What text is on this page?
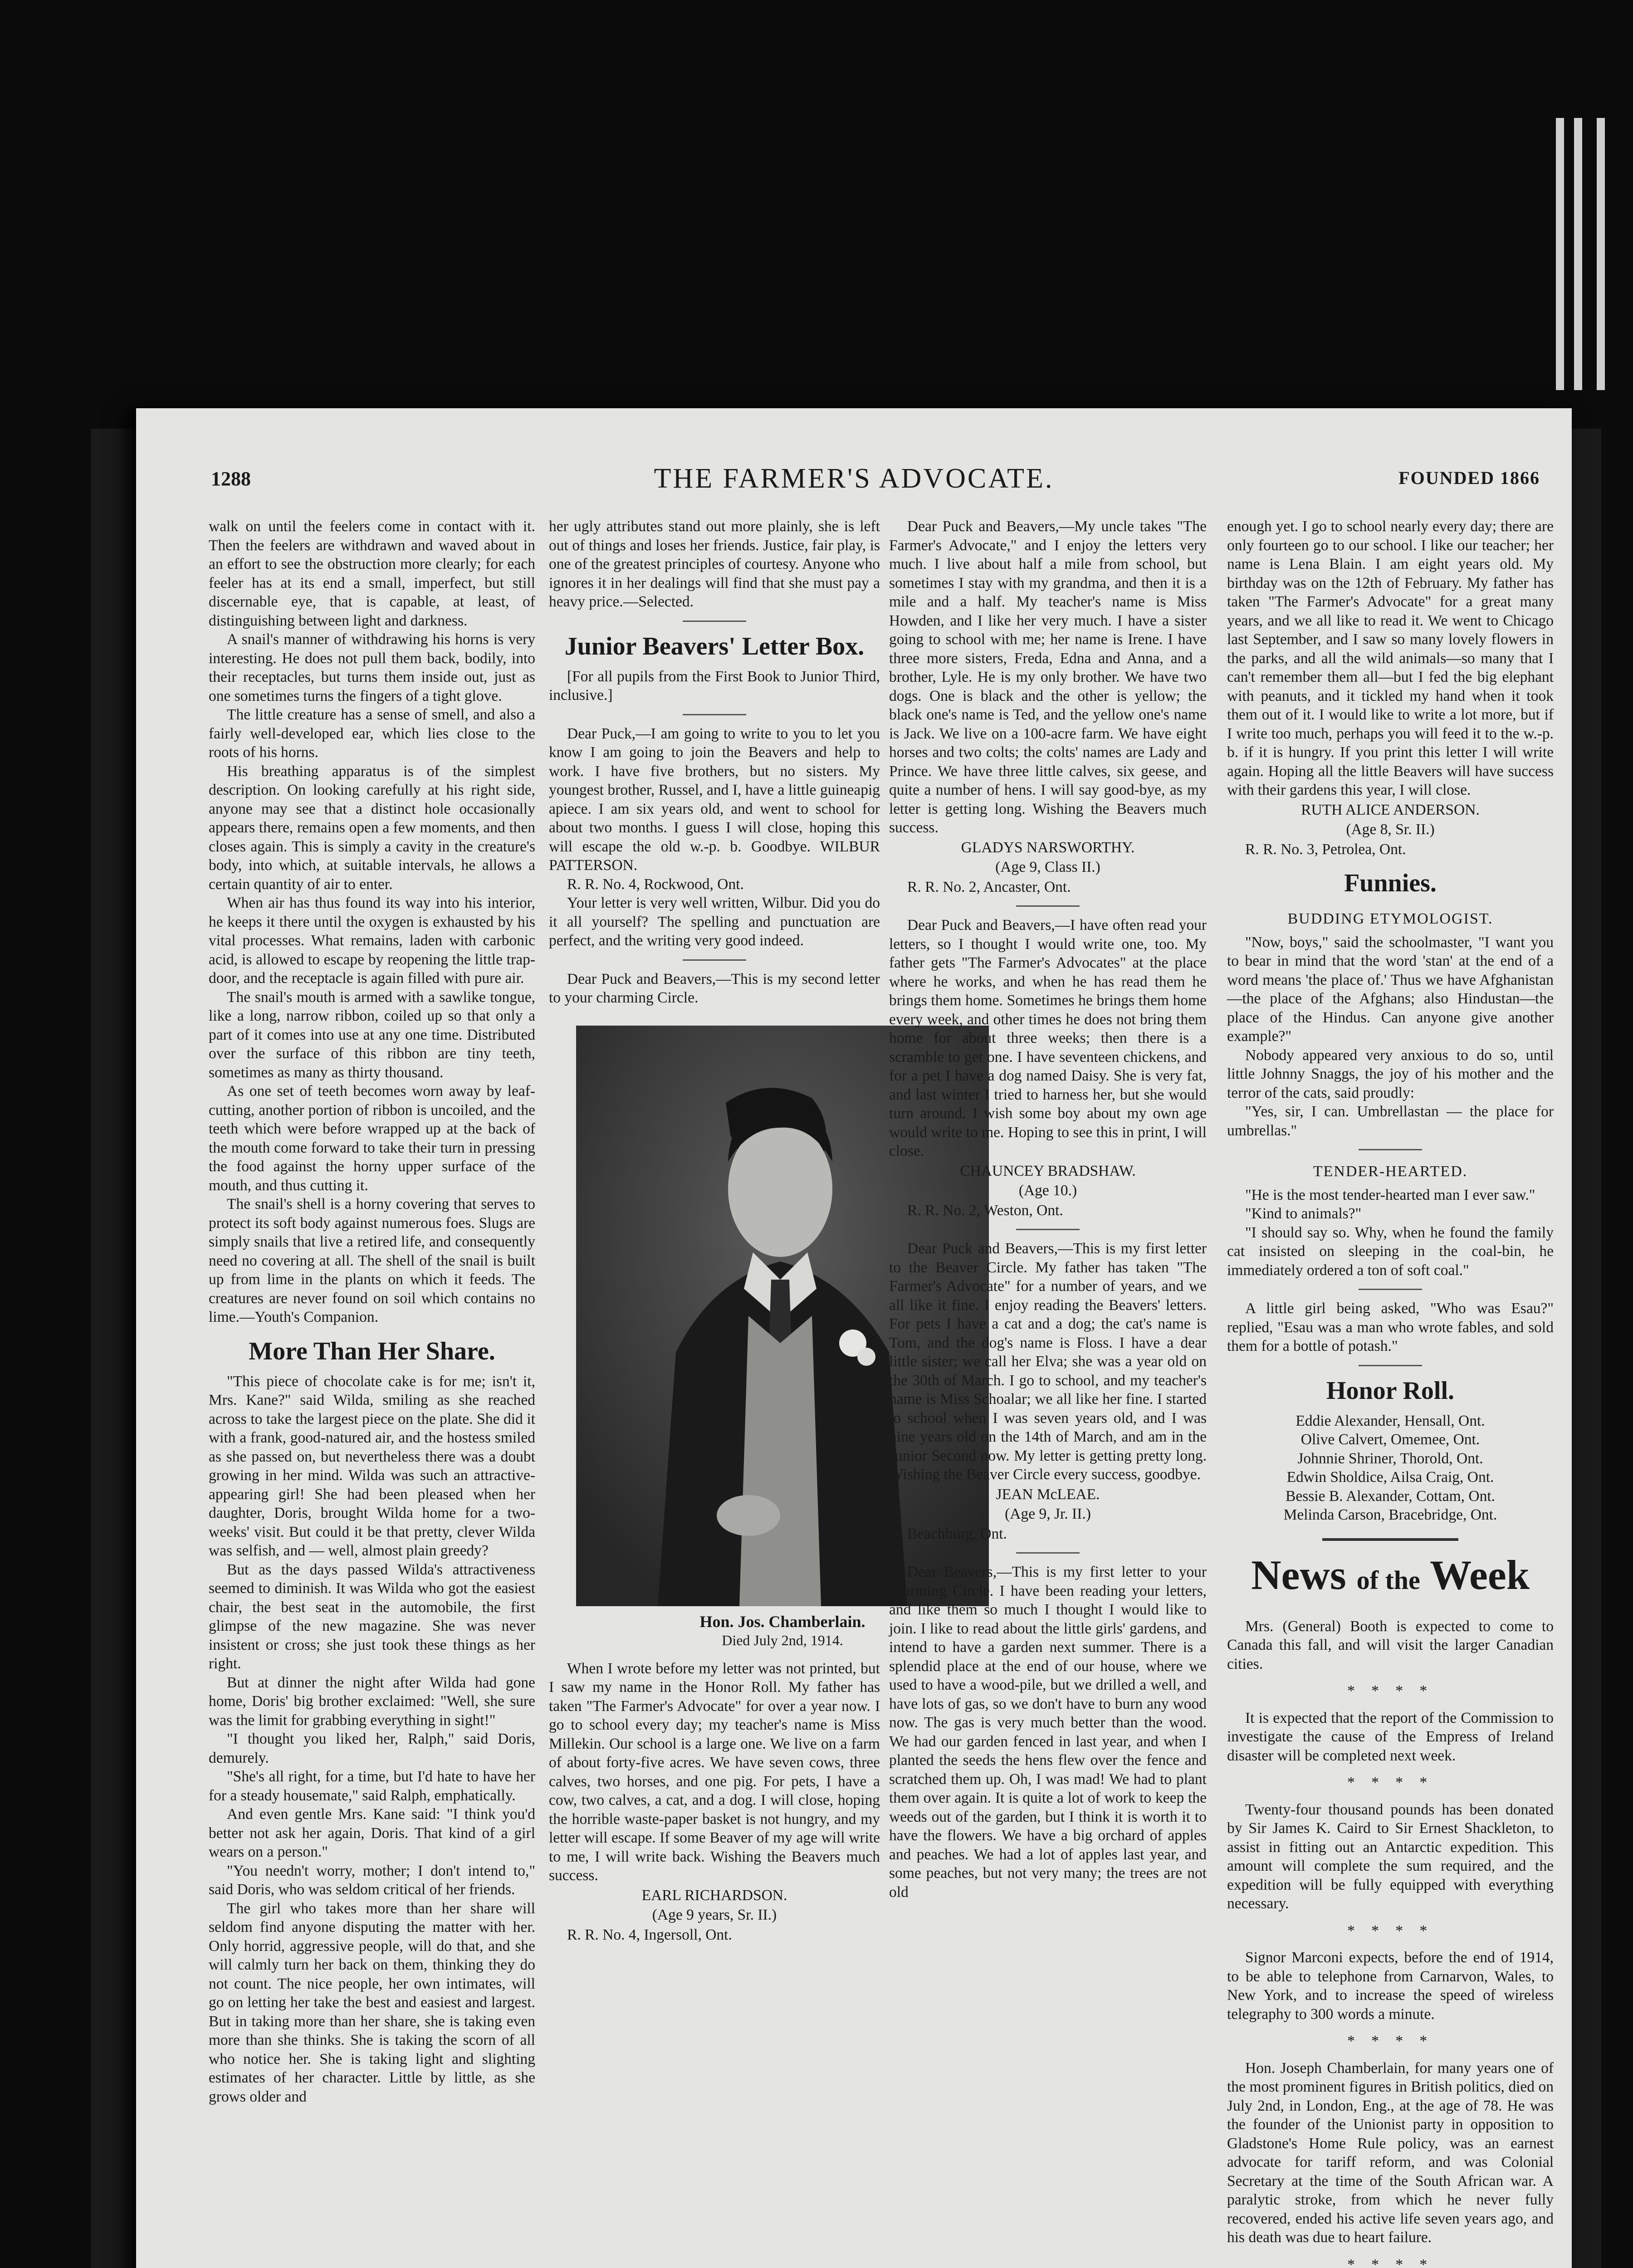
1288	THE FARMER'S ADVOCATE.	FOUNDED 1866

walk on until the feelers come in contact with it. Then the feelers are withdrawn and waved about in an effort to see the obstruction more clearly; for each feeler has at its end a small, imperfect, but still discernable eye, that is capable, at least, of distinguishing between light and darkness.

A snail's manner of withdrawing his horns is very interesting. He does not pull them back, bodily, into their receptacles, but turns them inside out, just as one sometimes turns the fingers of a tight glove.

The little creature has a sense of smell, and also a fairly well-developed ear, which lies close to the roots of his horns.

His breathing apparatus is of the simplest description. On looking carefully at his right side, anyone may see that a distinct hole occasionally appears there, remains open a few moments, and then closes again. This is simply a cavity in the creature's body, into which, at suitable intervals, he allows a certain quantity of air to enter.

When air has thus found its way into his interior, he keeps it there until the oxygen is exhausted by his vital processes. What remains, laden with carbonic acid, is allowed to escape by reopening the little trap-door, and the receptacle is again filled with pure air.

The snail's mouth is armed with a sawlike tongue, like a long, narrow ribbon, coiled up so that only a part of it comes into use at any one time. Distributed over the surface of this ribbon are tiny teeth, sometimes as many as thirty thousand.

As one set of teeth becomes worn away by leaf-cutting, another portion of ribbon is uncoiled, and the teeth which were before wrapped up at the back of the mouth come forward to take their turn in pressing the food against the horny upper surface of the mouth, and thus cutting it.

The snail's shell is a horny covering that serves to protect its soft body against numerous foes. Slugs are simply snails that live a retired life, and consequently need no covering at all. The shell of the snail is built up from lime in the plants on which it feeds. The creatures are never found on soil which contains no lime.—Youth's Companion.

More Than Her Share.

"This piece of chocolate cake is for me; isn't it, Mrs. Kane?" said Wilda, smiling as she reached across to take the largest piece on the plate. She did it with a frank, good-natured air, and the hostess smiled as she passed on, but nevertheless there was a doubt growing in her mind. Wilda was such an attractive-appearing girl! She had been pleased when her daughter, Doris, brought Wilda home for a two-weeks' visit. But could it be that pretty, clever Wilda was selfish, and — well, almost plain greedy?

But as the days passed Wilda's attractiveness seemed to diminish. It was Wilda who got the easiest chair, the best seat in the automobile, the first glimpse of the new magazine. She was never insistent or cross; she just took these things as her right.

But at dinner the night after Wilda had gone home, Doris' big brother exclaimed: "Well, she sure was the limit for grabbing everything in sight!"

"I thought you liked her, Ralph," said Doris, demurely.

"She's all right, for a time, but I'd hate to have her for a steady housemate," said Ralph, emphatically.

And even gentle Mrs. Kane said: "I think you'd better not ask her again, Doris. That kind of a girl wears on a person."

"You needn't worry, mother; I don't intend to," said Doris, who was seldom critical of her friends.

The girl who takes more than her share will seldom find anyone disputing the matter with her. Only horrid, aggressive people, will do that, and she will calmly turn her back on them, thinking they do not count. The nice people, her own intimates, will go on letting her take the best and easiest and largest. But in taking more than her share, she is taking even more than she thinks. She is taking the scorn of all who notice her. She is taking light and slighting estimates of her character. Little by little, as she grows older and

her ugly attributes stand out more plainly, she is left out of things and loses her friends. Justice, fair play, is one of the greatest principles of courtesy. Anyone who ignores it in her dealings will find that she must pay a heavy price.—Selected.

Junior Beavers' Letter Box.

[For all pupils from the First Book to Junior Third, inclusive.]

Dear Puck,—I am going to write to you to let you know I am going to join the Beavers and help to work. I have five brothers, but no sisters. My youngest brother, Russel, and I, have a little guineapig apiece. I am six years old, and went to school for about two months. I guess I will close, hoping this will escape the old w.-p. b. Goodbye. WILBUR PATTERSON.

R. R. No. 4, Rockwood, Ont.

Your letter is very well written, Wilbur. Did you do it all yourself? The spelling and punctuation are perfect, and the writing very good indeed.

Dear Puck and Beavers,—This is my second letter to your charming Circle.

Hon. Jos. Chamberlain.
Died July 2nd, 1914.

When I wrote before my letter was not printed, but I saw my name in the Honor Roll. My father has taken "The Farmer's Advocate" for over a year now. I go to school every day; my teacher's name is Miss Millekin. Our school is a large one. We live on a farm of about forty-five acres. We have seven cows, three calves, two horses, and one pig. For pets, I have a cow, two calves, a cat, and a dog. I will close, hoping the horrible waste-paper basket is not hungry, and my letter will escape. If some Beaver of my age will write to me, I will write back. Wishing the Beavers much success.

EARL RICHARDSON.
(Age 9 years, Sr. II.)

R. R. No. 4, Ingersoll, Ont.

Dear Puck and Beavers,—My uncle takes "The Farmer's Advocate," and I enjoy the letters very much. I live about half a mile from school, but sometimes I stay with my grandma, and then it is a mile and a half. My teacher's name is Miss Howden, and I like her very much. I have a sister going to school with me; her name is Irene. I have three more sisters, Freda, Edna and Anna, and a brother, Lyle. He is my only brother. We have two dogs. One is black and the other is yellow; the black one's name is Ted, and the yellow one's name is Jack. We live on a 100-acre farm. We have eight horses and two colts; the colts' names are Lady and Prince. We have three little calves, six geese, and quite a number of hens. I will say good-bye, as my letter is getting long. Wishing the Beavers much success.

GLADYS NARSWORTHY.
(Age 9, Class II.)

R. R. No. 2, Ancaster, Ont.

Dear Puck and Beavers,—I have often read your letters, so I thought I would write one, too. My father gets "The Farmer's Advocates" at the place where he works, and when he has read them he brings them home. Sometimes he brings them home every week, and other times he does not bring them home for about three weeks; then there is a scramble to get one. I have seventeen chickens, and for a pet I have a dog named Daisy. She is very fat, and last winter I tried to harness her, but she would turn around. I wish some boy about my own age would write to me. Hoping to see this in print, I will close.

CHAUNCEY BRADSHAW.
(Age 10.)

R. R. No. 2, Weston, Ont.

Dear Puck and Beavers,—This is my first letter to the Beaver Circle. My father has taken "The Farmer's Advocate" for a number of years, and we all like it fine. I enjoy reading the Beavers' letters. For pets I have a cat and a dog; the cat's name is Tom, and the dog's name is Floss. I have a dear little sister; we call her Elva; she was a year old on the 30th of March. I go to school, and my teacher's name is Miss Schoalar; we all like her fine. I started to school when I was seven years old, and I was nine years old on the 14th of March, and am in the Junior Second now. My letter is getting pretty long. Wishing the Beaver Circle every success, goodbye.

JEAN McLEAE.
(Age 9, Jr. II.)

Beachburg, Ont.

Dear Beavers,—This is my first letter to your charming Circle. I have been reading your letters, and like them so much I thought I would like to join. I like to read about the little girls' gardens, and intend to have a garden next summer. There is a splendid place at the end of our house, where we used to have a wood-pile, but we drilled a well, and have lots of gas, so we don't have to burn any wood now. The gas is very much better than the wood. We had our garden fenced in last year, and when I planted the seeds the hens flew over the fence and scratched them up. Oh, I was mad! We had to plant them over again. It is quite a lot of work to keep the weeds out of the garden, but I think it is worth it to have the flowers. We have a big orchard of apples and peaches. We had a lot of apples last year, and some peaches, but not very many; the trees are not old

enough yet. I go to school nearly every day; there are only fourteen go to our school. I like our teacher; her name is Lena Blain. I am eight years old. My birthday was on the 12th of February. My father has taken "The Farmer's Advocate" for a great many years, and we all like to read it. We went to Chicago last September, and I saw so many lovely flowers in the parks, and all the wild animals—so many that I can't remember them all—but I fed the big elephant with peanuts, and it tickled my hand when it took them out of it. I would like to write a lot more, but if I write too much, perhaps you will feed it to the w.-p. b. if it is hungry. If you print this letter I will write again. Hoping all the little Beavers will have success with their gardens this year, I will close.

RUTH ALICE ANDERSON.
(Age 8, Sr. II.)

R. R. No. 3, Petrolea, Ont.

Funnies.
BUDDING ETYMOLOGIST.

"Now, boys," said the schoolmaster, "I want you to bear in mind that the word 'stan' at the end of a word means 'the place of.' Thus we have Afghanistan—the place of the Afghans; also Hindustan—the place of the Hindus. Can anyone give another example?"

Nobody appeared very anxious to do so, until little Johnny Snaggs, the joy of his mother and the terror of the cats, said proudly:

"Yes, sir, I can. Umbrellastan — the place for umbrellas."

TENDER-HEARTED.

"He is the most tender-hearted man I ever saw."

"Kind to animals?"

"I should say so. Why, when he found the family cat insisted on sleeping in the coal-bin, he immediately ordered a ton of soft coal."

A little girl being asked, "Who was Esau?" replied, "Esau was a man who wrote fables, and sold them for a bottle of potash."

Honor Roll.
Eddie Alexander, Hensall, Ont.
Olive Calvert, Omemee, Ont.
Johnnie Shriner, Thorold, Ont.
Edwin Sholdice, Ailsa Craig, Ont.
Bessie B. Alexander, Cottam, Ont.
Melinda Carson, Bracebridge, Ont.
News of the Week

Mrs. (General) Booth is expected to come to Canada this fall, and will visit the larger Canadian cities.

* * * *

It is expected that the report of the Commission to investigate the cause of the Empress of Ireland disaster will be completed next week.

* * * *

Twenty-four thousand pounds has been donated by Sir James K. Caird to Sir Ernest Shackleton, to assist in fitting out an Antarctic expedition. This amount will complete the sum required, and the expedition will be fully equipped with everything necessary.

* * * *

Signor Marconi expects, before the end of 1914, to be able to telephone from Carnarvon, Wales, to New York, and to increase the speed of wireless telegraphy to 300 words a minute.

* * * *

Hon. Joseph Chamberlain, for many years one of the most prominent figures in British politics, died on July 2nd, in London, Eng., at the age of 78. He was the founder of the Unionist party in opposition to Gladstone's Home Rule policy, was an earnest advocate for tariff reform, and was Colonial Secretary at the time of the South African war. A paralytic stroke, from which he never fully recovered, ended his active life seven years ago, and his death was due to heart failure.

* * * *
